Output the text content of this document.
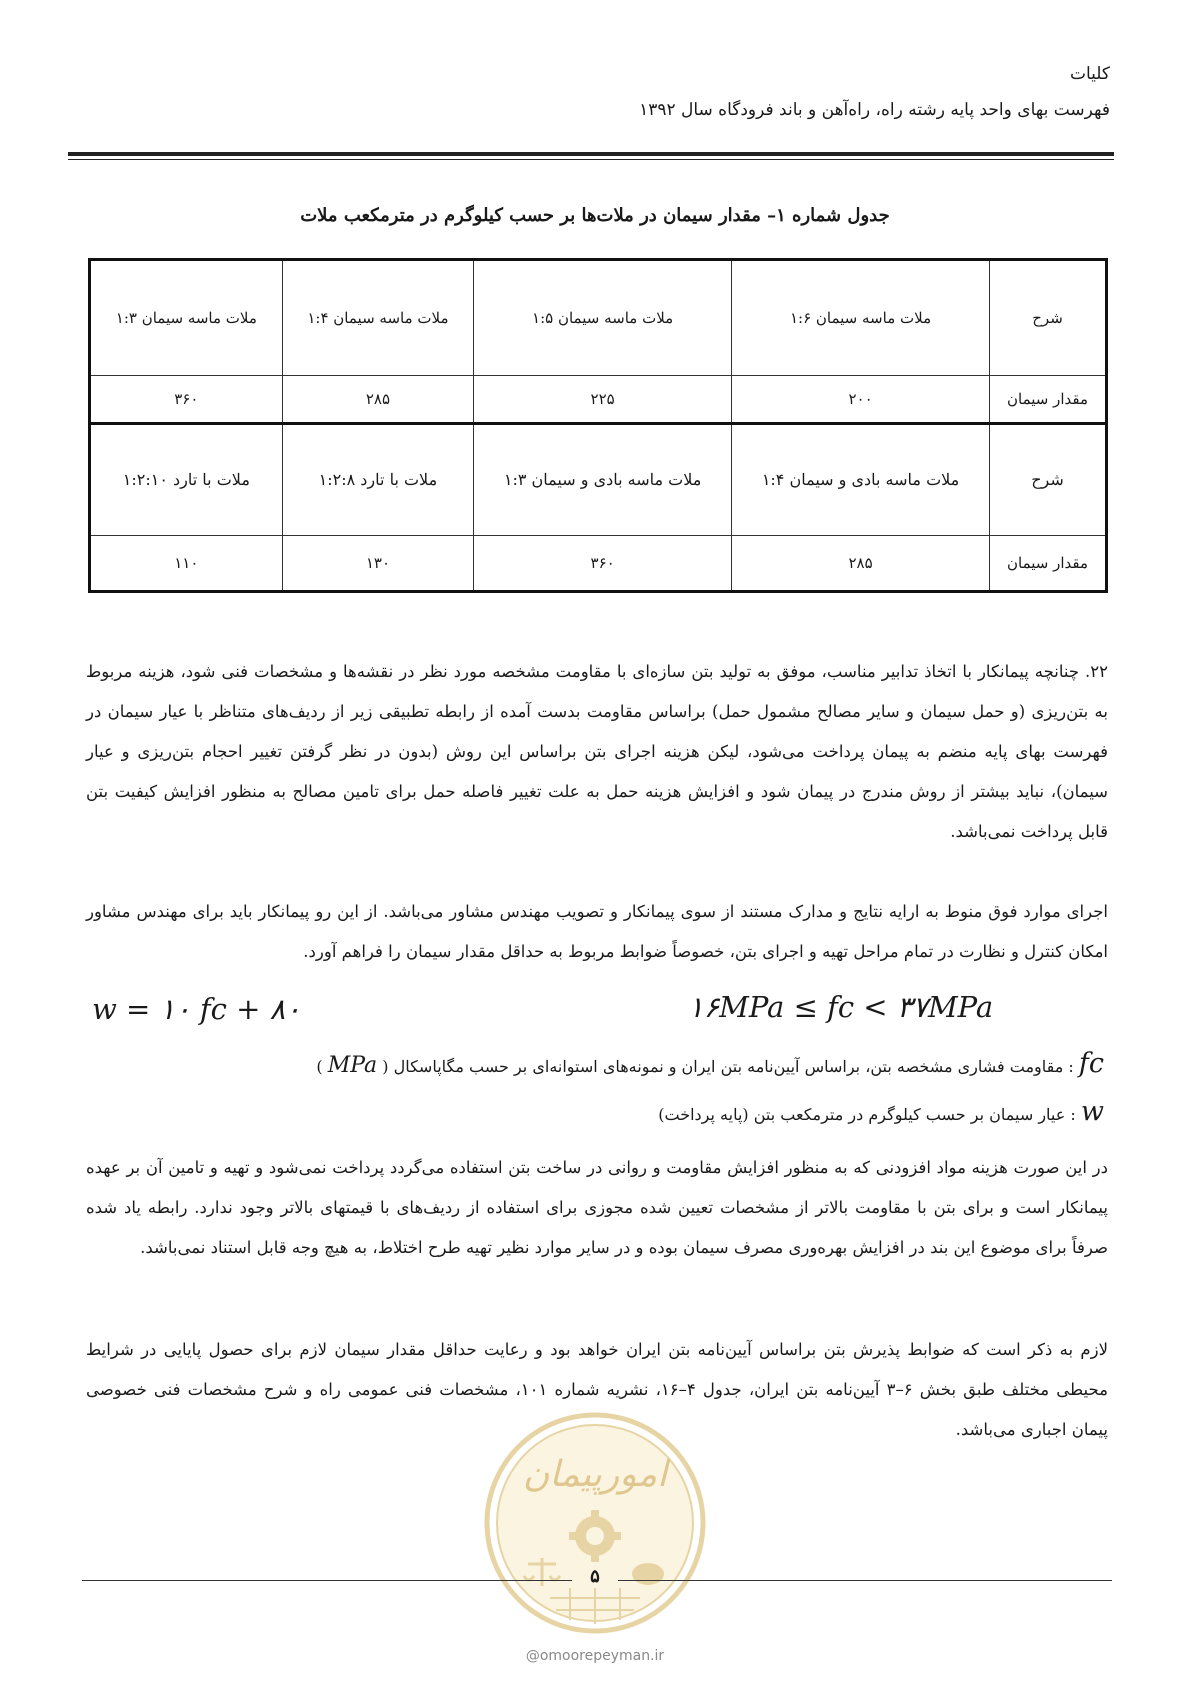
کلیات
فهرست بهای واحد پایه رشته راه، راه‌آهن و باند فرودگاه سال ۱۳۹۲
جدول شماره ۱– مقدار سیمان در ملات‌ها بر حسب کیلوگرم در مترمکعب ملات
شرح	ملات ماسه سیمان ۱:۶	ملات ماسه سیمان ۱:۵	ملات ماسه سیمان ۱:۴	ملات ماسه سیمان ۱:۳
مقدار سیمان	۲۰۰	۲۲۵	۲۸۵	۳۶۰
شرح	ملات ماسه بادی و سیمان ۱:۴	ملات ماسه بادی و سیمان ۱:۳	ملات با تارد ۱:۲:۸	ملات با تارد ۱:۲:۱۰
مقدار سیمان	۲۸۵	۳۶۰	۱۳۰	۱۱۰
۲۲. چنانچه پیمانکار با اتخاذ تدابیر مناسب، موفق به تولید بتن سازه‌ای با مقاومت مشخصه مورد نظر در نقشه‌ها و مشخصات فنی شود، هزینه مربوط به بتن‌ریزی (و حمل سیمان و سایر مصالح مشمول حمل) براساس مقاومت بدست آمده از رابطه تطبیقی زیر از ردیف‌های متناظر با عیار سیمان در فهرست بهای پایه منضم به پیمان پرداخت می‌شود، لیکن هزینه اجرای بتن براساس این روش (بدون در نظر گرفتن تغییر احجام بتن‌ریزی و عیار سیمان)، نباید بیشتر از روش مندرج در پیمان شود و افزایش هزینه حمل به علت تغییر فاصله حمل برای تامین مصالح به منظور افزایش کیفیت بتن قابل پرداخت نمی‌باشد.
اجرای موارد فوق منوط به ارایه نتایج و مدارک مستند از سوی پیمانکار و تصویب مهندس مشاور می‌باشد. از این رو پیمانکار باید برای مهندس مشاور امکان کنترل و نظارت در تمام مراحل تهیه و اجرای بتن، خصوصاً ضوابط مربوط به حداقل مقدار سیمان را فراهم آورد.
w = ۱۰ fc + ۸۰	۱۶MPa ≤ fc < ۳۷MPa
fc : مقاومت فشاری مشخصه بتن، براساس آیین‌نامه بتن ایران و نمونه‌های استوانه‌ای بر حسب مگاپاسکال ( MPa )
w : عیار سیمان بر حسب کیلوگرم در مترمکعب بتن (پایه پرداخت)
در این صورت هزینه مواد افزودنی که به منظور افزایش مقاومت و روانی در ساخت بتن استفاده می‌گردد پرداخت نمی‌شود و تهیه و تامین آن بر عهده پیمانکار است و برای بتن با مقاومت بالاتر از مشخصات تعیین شده مجوزی برای استفاده از ردیف‌های با قیمتهای بالاتر وجود ندارد. رابطه یاد شده صرفاً برای موضوع این بند در افزایش بهره‌وری مصرف سیمان بوده و در سایر موارد نظیر تهیه طرح اختلاط، به هیچ وجه قابل استناد نمی‌باشد.
لازم به ذکر است که ضوابط پذیرش بتن براساس آیین‌نامه بتن ایران خواهد بود و رعایت حداقل مقدار سیمان لازم برای حصول پایایی در شرایط محیطی مختلف طبق بخش ۶–۳ آیین‌نامه بتن ایران، جدول ۴–۱۶، نشریه شماره ۱۰۱، مشخصات فنی عمومی راه و شرح مشخصات فنی خصوصی پیمان اجباری می‌باشد.
امورپیمان
۵
@omoorepeyman.ir
